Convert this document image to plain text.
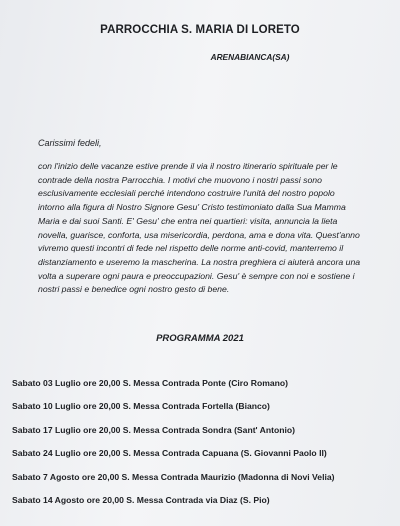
PARROCCHIA S. MARIA DI LORETO
ARENABIANCA(SA)
Carissimi fedeli,

con l'inizio delle vacanze estive prende il via il nostro itinerario spirituale per le

contrade della nostra Parrocchia. I motivi che muovono i nostri passi sono

esclusivamente ecclesiali perché intendono costruire l'unità del nostro popolo

intorno alla figura di Nostro Signore Gesu' Cristo testimoniato dalla Sua Mamma

Maria e dai suoi Santi. E' Gesu' che entra nei quartieri: visita, annuncia la lieta

novella, guarisce, conforta, usa misericordia, perdona, ama e dona vita. Quest'anno

vivremo questi incontri di fede nel rispetto delle norme anti-covid, manterremo il

distanziamento e useremo la mascherina. La nostra preghiera ci aiuterà ancora una

volta a superare ogni paura e preoccupazioni. Gesu' è sempre con noi e sostiene i

nostri passi e benedice ogni nostro gesto di bene.

PROGRAMMA 2021
Sabato 03 Luglio ore 20,00 S. Messa Contrada Ponte (Ciro Romano)
Sabato 10 Luglio ore 20,00 S. Messa Contrada Fortella (Bianco)
Sabato 17 Luglio ore 20,00 S. Messa Contrada Sondra (Sant' Antonio)
Sabato 24 Luglio ore 20,00 S. Messa Contrada Capuana (S. Giovanni Paolo II)
Sabato 7 Agosto ore 20,00 S. Messa Contrada Maurizio (Madonna di Novi Velia)
Sabato 14 Agosto ore 20,00 S. Messa Contrada via Diaz (S. Pio)
